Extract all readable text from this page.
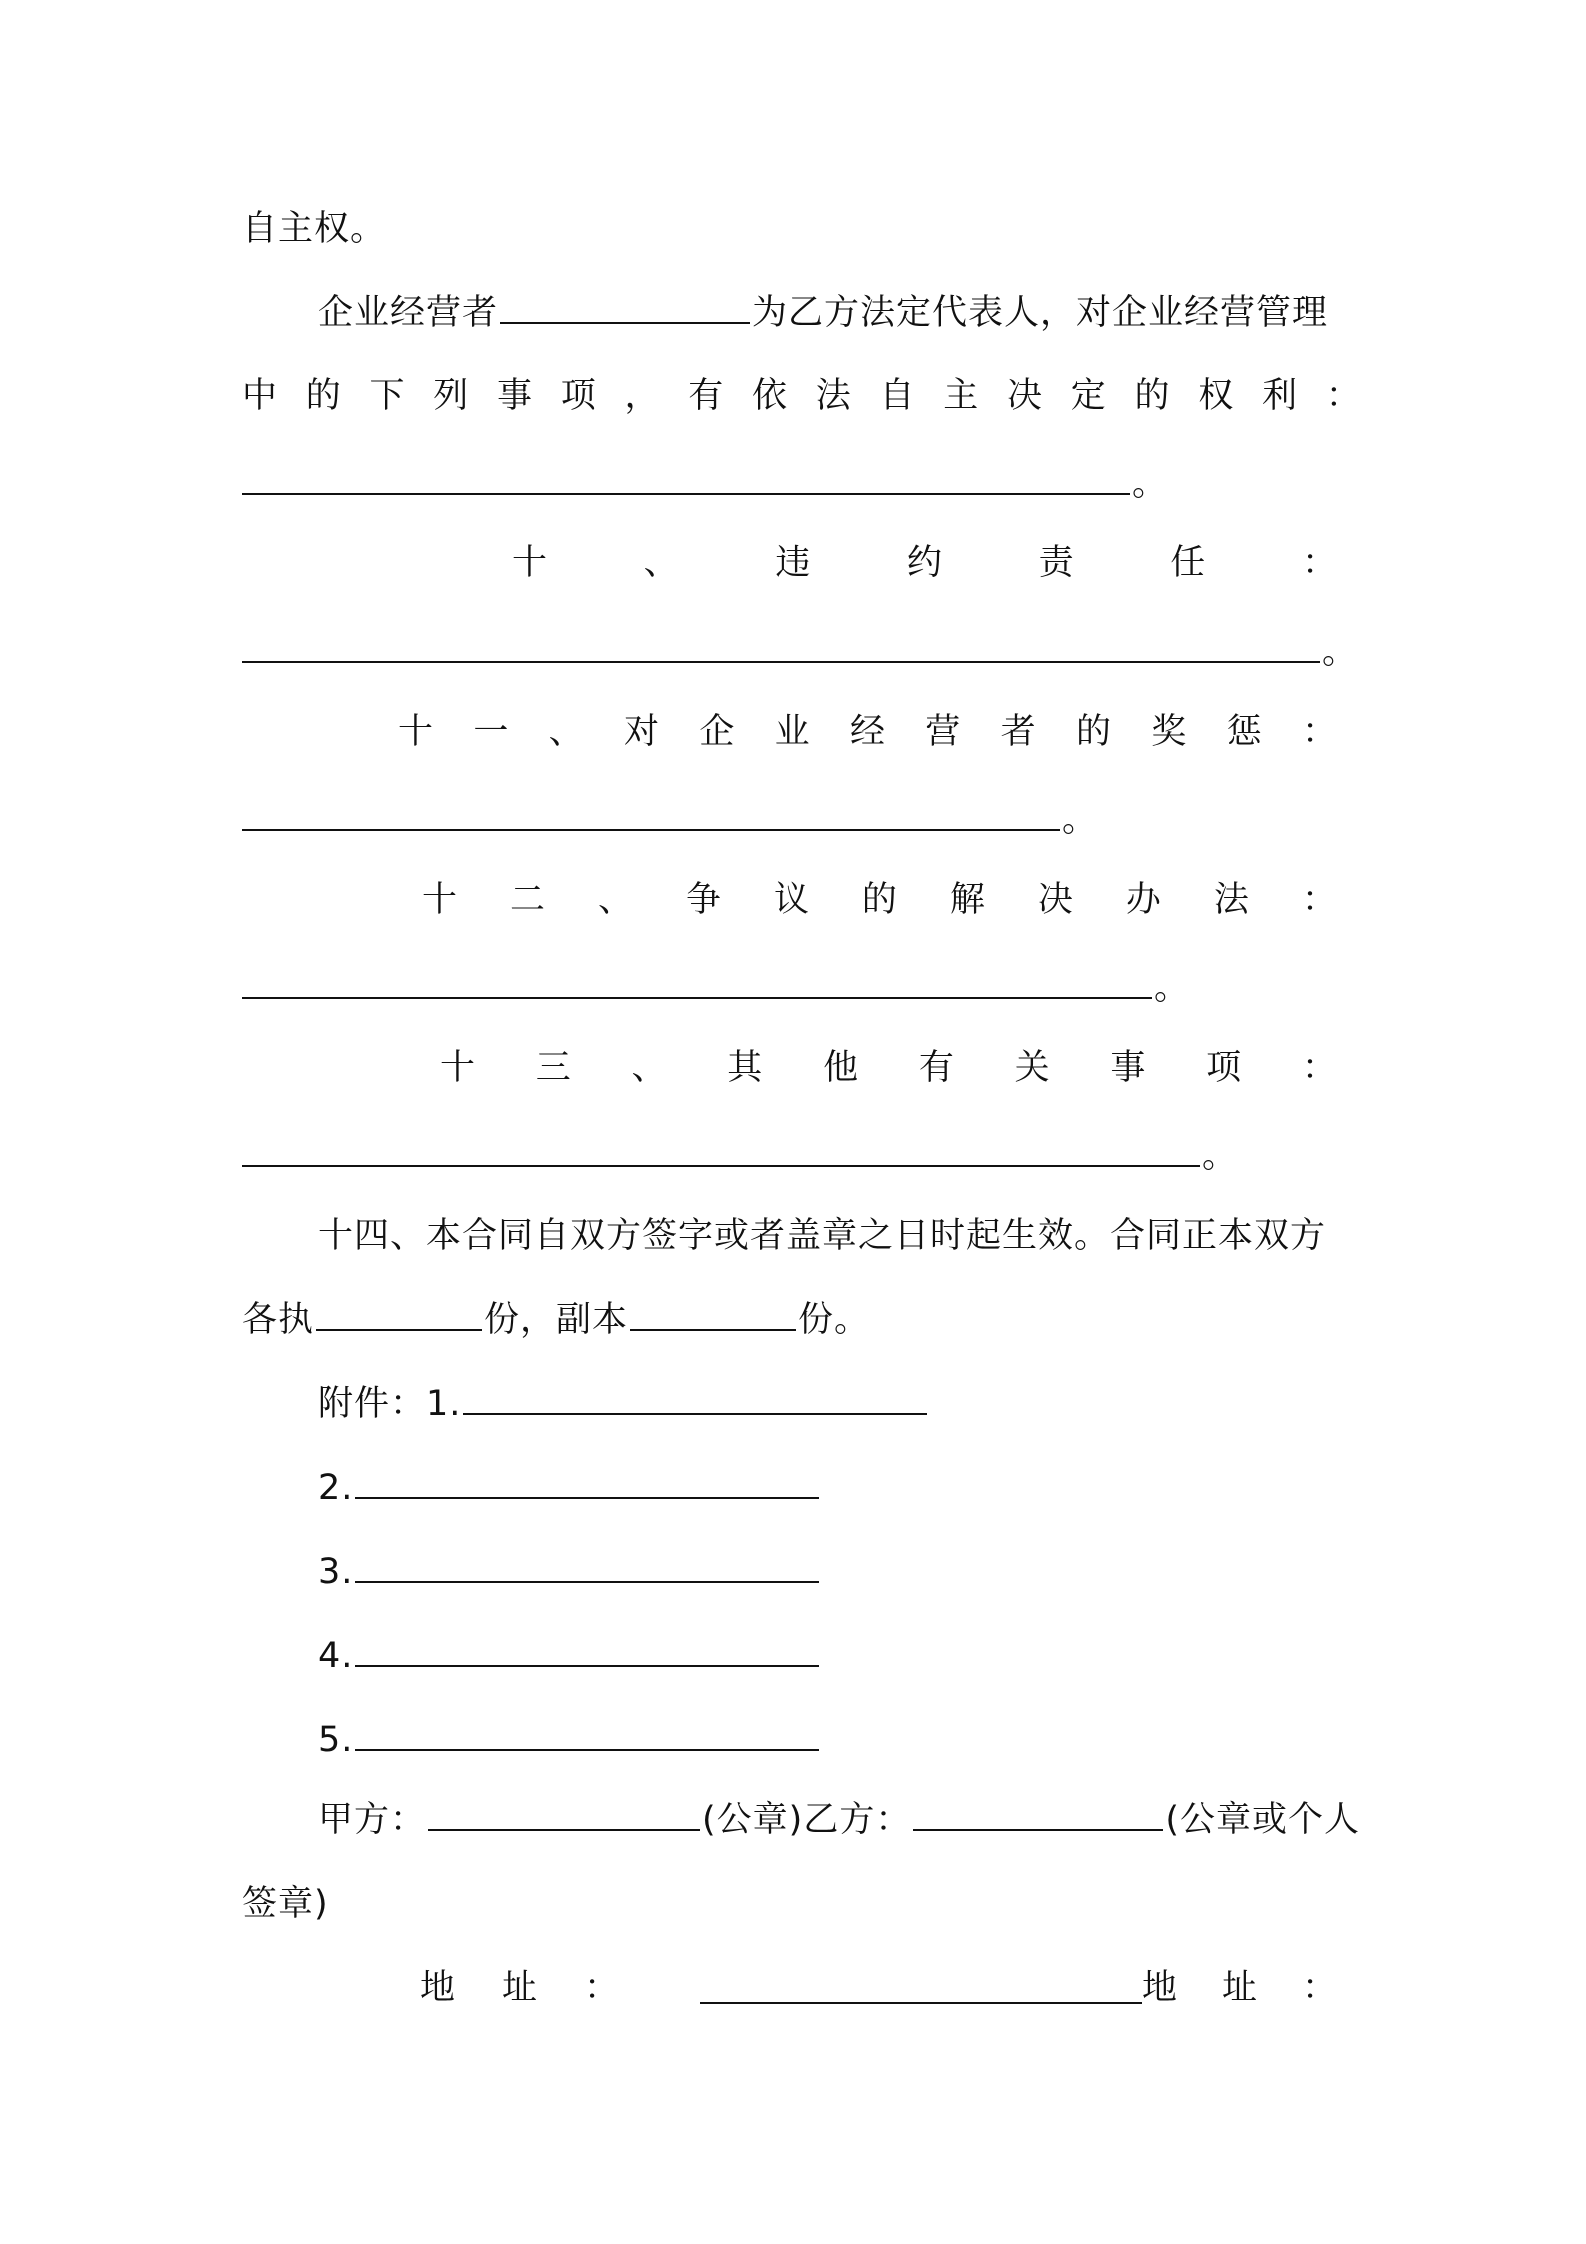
自主权。
企业经营者	为乙方法定代表人，对企业经营管理
中 的 下 列 事 项 ， 有 依 法 自 主 决 定 的 权 利 ：
。
十	、	违	约	责	任	：
。
十 一 、 对 企 业 经 营 者 的 奖 惩 ：
。
十 二 、 争 议 的 解 决 办 法 ：
。
十 三 、 其 他 有 关 事 项 ：
。
十四、本合同自双方签字或者盖章之日时起生效。合同正本双方
各执	份，副本	份。
附件：1.
2.
3.
4.
5.
甲方：	(公章)乙方：	(公章或个人
签章)
地 址 ：	地 址 ：
